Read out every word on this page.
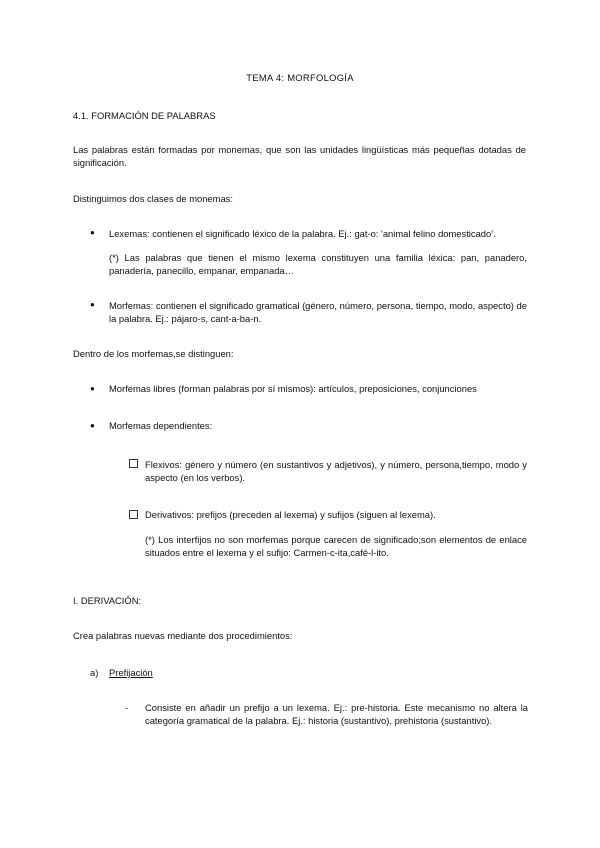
TEMA 4: MORFOLOGÍA
4.1. FORMACIÓN DE PALABRAS
Las palabras están formadas por monemas, que son las unidades lingüísticas más pequeñas dotadas de significación.
Distinguimos dos clases de monemas:
● Lexemas: contienen el significado léxico de la palabra. Ej.: gat-o: 'animal felino domesticado'.
(*) Las palabras que tienen el mismo lexema constituyen una familia léxica: pan, panadero, panadería, panecillo, empanar, empanada…
● Morfemas: contienen el significado gramatical (género, número, persona, tiempo, modo, aspecto) de la palabra. Ej.: pájaro-s, cant-a-ba-n.
Dentro de los morfemas,se distinguen:
● Morfemas libres (forman palabras por sí mismos): artículos, preposiciones, conjunciones
● Morfemas dependientes:
Flexivos: género y número (en sustantivos y adjetivos), y número, persona,tiempo, modo y aspecto (en los verbos).
Derivativos: prefijos (preceden al lexema) y sufijos (siguen al lexema).
(*) Los interfijos no son morfemas porque carecen de significado;son elementos de enlace situados entre el lexema y el sufijo: Carmen-c-ita,café-l-ito.
I. DERIVACIÓN:
Crea palabras nuevas mediante dos procedimientos:
a) Prefijación
- Consiste en añadir un prefijo a un lexema. Ej.: pre-historia. Este mecanismo no altera la categoría gramatical de la palabra. Ej.: historia (sustantivo), prehistoria (sustantivo).
